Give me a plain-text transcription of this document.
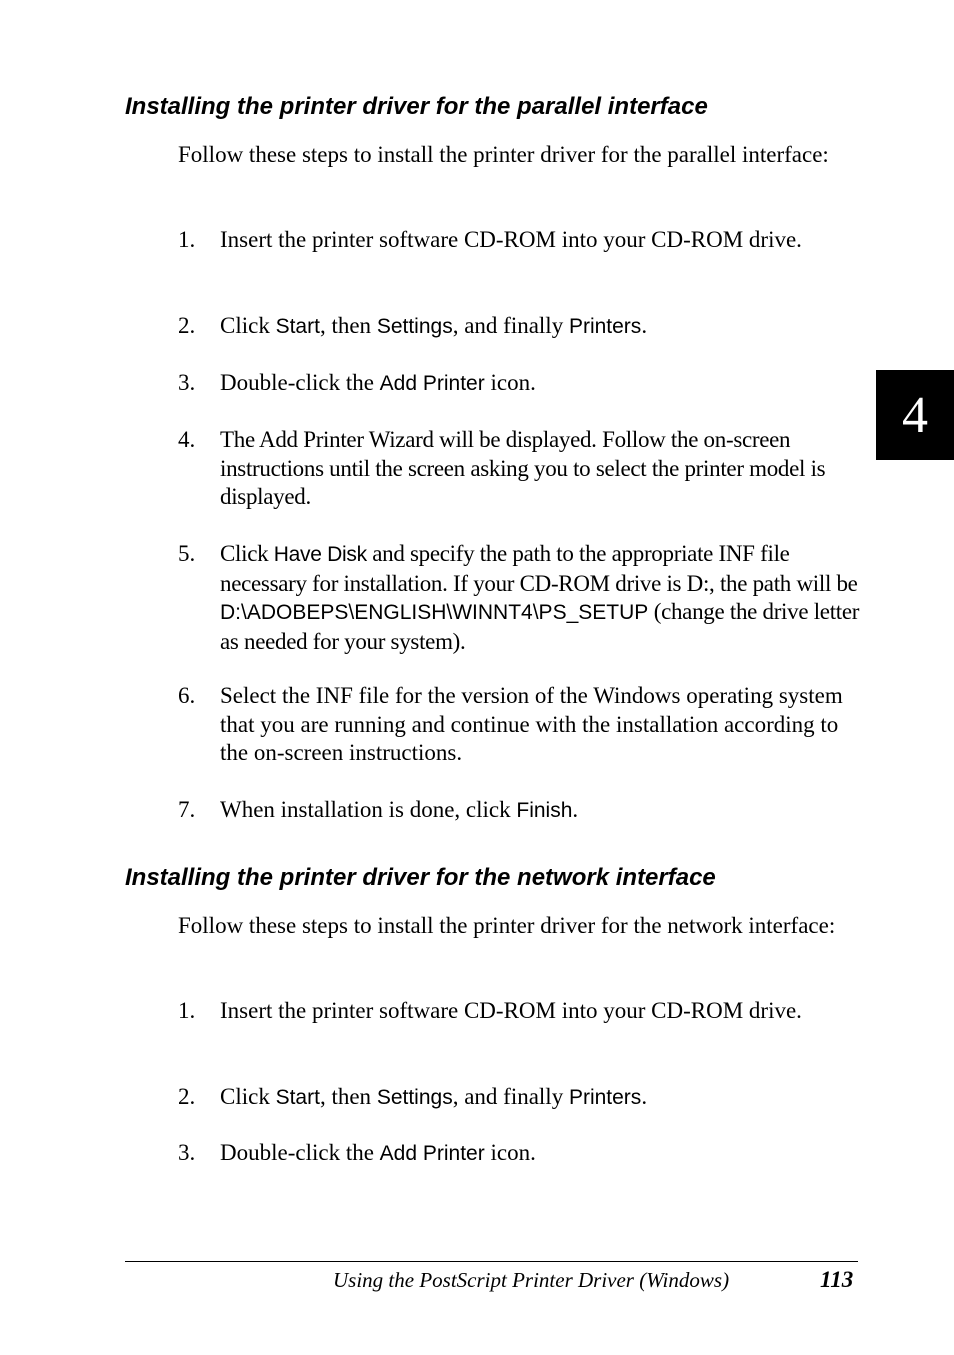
Installing the printer driver for the parallel interface

Follow these steps to install the printer driver for the parallel interface:

1. Insert the printer software CD-ROM into your CD-ROM drive.
2. Click Start, then Settings, and finally Printers.
3. Double-click the Add Printer icon.
4. The Add Printer Wizard will be displayed. Follow the on-screen instructions until the screen asking you to select the printer model is displayed.
5. Click Have Disk and specify the path to the appropriate INF file necessary for installation. If your CD-ROM drive is D:, the path will be D:\ADOBEPS\ENGLISH\WINNT4\PS_SETUP (change the drive letter as needed for your system).
6. Select the INF file for the version of the Windows operating system that you are running and continue with the installation according to the on-screen instructions.
7. When installation is done, click Finish.
Installing the printer driver for the network interface

Follow these steps to install the printer driver for the network interface:

1. Insert the printer software CD-ROM into your CD-ROM drive.
2. Click Start, then Settings, and finally Printers.
3. Double-click the Add Printer icon.
4
Using the PostScript Printer Driver (Windows)	113
